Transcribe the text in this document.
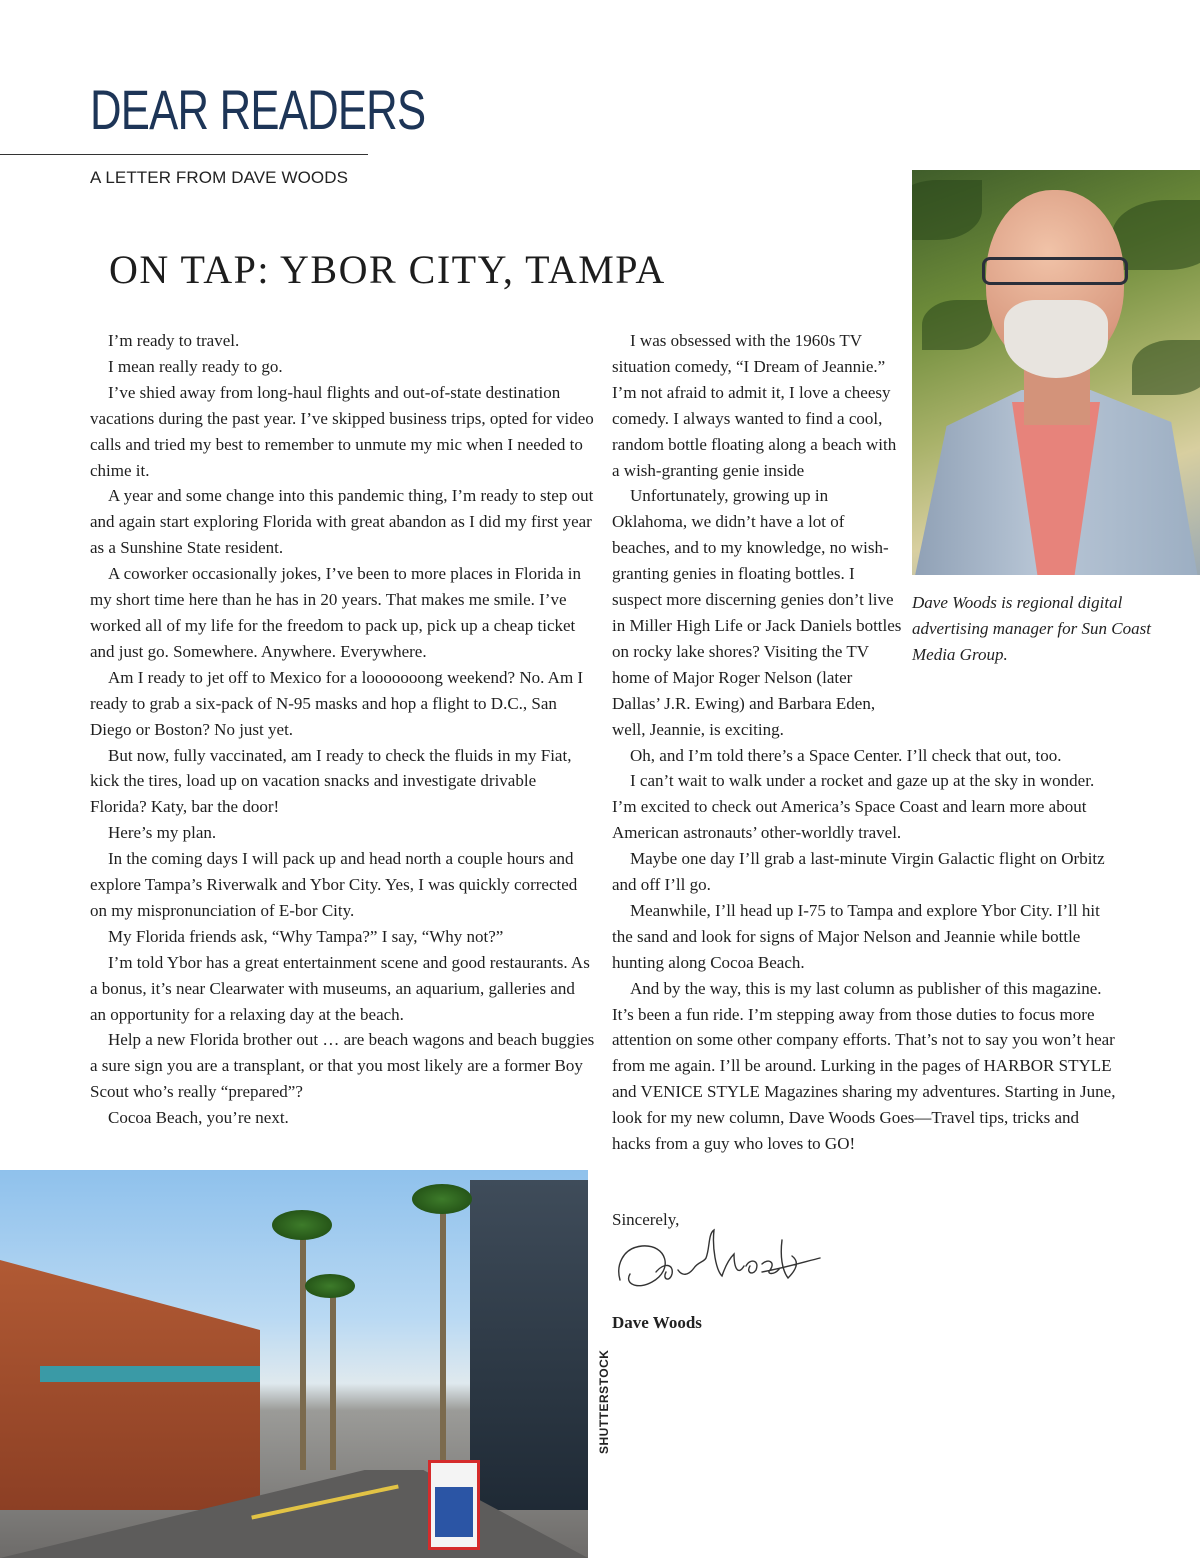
DEAR READERS
A LETTER FROM DAVE WOODS
ON TAP: YBOR CITY, TAMPA

I’m ready to travel.

I mean really ready to go.

I’ve shied away from long-haul flights and out-of-state destination vacations during the past year. I’ve skipped business trips, opted for video calls and tried my best to remember to unmute my mic when I needed to chime it.

A year and some change into this pandemic thing, I’m ready to step out and again start exploring Florida with great abandon as I did my first year as a Sunshine State resident.

A coworker occasionally jokes, I’ve been to more places in Florida in my short time here than he has in 20 years. That makes me smile. I’ve worked all of my life for the freedom to pack up, pick up a cheap ticket and just go. Somewhere. Anywhere. Everywhere.

Am I ready to jet off to Mexico for a looooooong weekend? No. Am I ready to grab a six-pack of N-95 masks and hop a flight to D.C., San Diego or Boston? No just yet.

But now, fully vaccinated, am I ready to check the fluids in my Fiat, kick the tires, load up on vacation snacks and investigate drivable Florida? Katy, bar the door!

Here’s my plan.

In the coming days I will pack up and head north a couple hours and explore Tampa’s Riverwalk and Ybor City. Yes, I was quickly corrected on my mispronunciation of E-bor City.

My Florida friends ask, “Why Tampa?” I say, “Why not?”

I’m told Ybor has a great entertainment scene and good restaurants. As a bonus, it’s near Clearwater with museums, an aquarium, galleries and an opportunity for a relaxing day at the beach.

Help a new Florida brother out … are beach wagons and beach buggies a sure sign you are a transplant, or that you most likely are a former Boy Scout who’s really “prepared”?

Cocoa Beach, you’re next.

I was obsessed with the 1960s TV situation comedy, “I Dream of Jeannie.” I’m not afraid to admit it, I love a cheesy comedy. I always wanted to find a cool, random bottle floating along a beach with a wish-granting genie inside

Unfortunately, growing up in Oklahoma, we didn’t have a lot of beaches, and to my knowledge, no wish-granting genies in floating bottles. I suspect more discerning genies don’t live in Miller High Life or Jack Daniels bottles on rocky lake shores? Visiting the TV home of Major Roger Nelson (later Dallas’ J.R. Ewing) and Barbara Eden, well, Jeannie, is exciting.

Oh, and I’m told there’s a Space Center. I’ll check that out, too.

I can’t wait to walk under a rocket and gaze up at the sky in wonder. I’m excited to check out America’s Space Coast and learn more about American astronauts’ other-worldly travel.

Maybe one day I’ll grab a last-minute Virgin Galactic flight on Orbitz and off I’ll go.

Meanwhile, I’ll head up I-75 to Tampa and explore Ybor City. I’ll hit the sand and look for signs of Major Nelson and Jeannie while bottle hunting along Cocoa Beach.

And by the way, this is my last column as publisher of this magazine. It’s been a fun ride. I’m stepping away from those duties to focus more attention on some other company efforts. That’s not to say you won’t hear from me again. I’ll be around. Lurking in the pages of HARBOR STYLE and VENICE STYLE Magazines sharing my adventures. Starting in June, look for my new column, Dave Woods Goes—Travel tips, tricks and hacks from a guy who loves to GO!

Dave Woods is regional digital advertising manager for Sun Coast Media Group.
SHUTTERSTOCK
Sincerely,
Dave Woods
